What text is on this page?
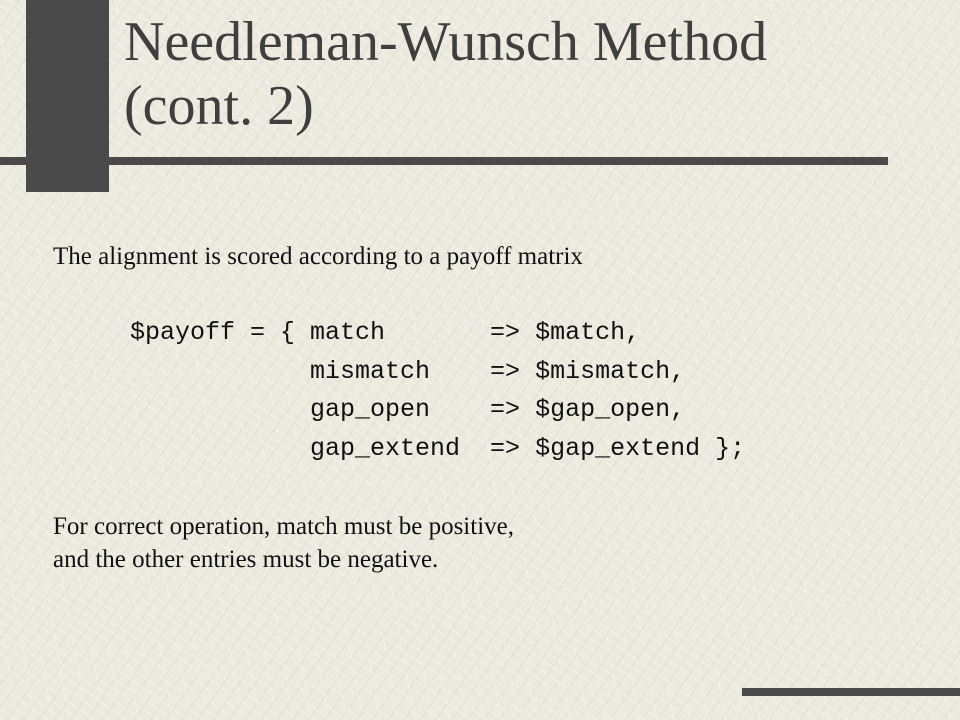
Needleman-Wunsch Method
(cont. 2)

The alignment is scored according to a payoff matrix

$payoff = { match       => $match,
mismatch    => $mismatch,
gap_open    => $gap_open,
gap_extend  => $gap_extend };

For correct operation, match must be positive,
and the other entries must be negative.
